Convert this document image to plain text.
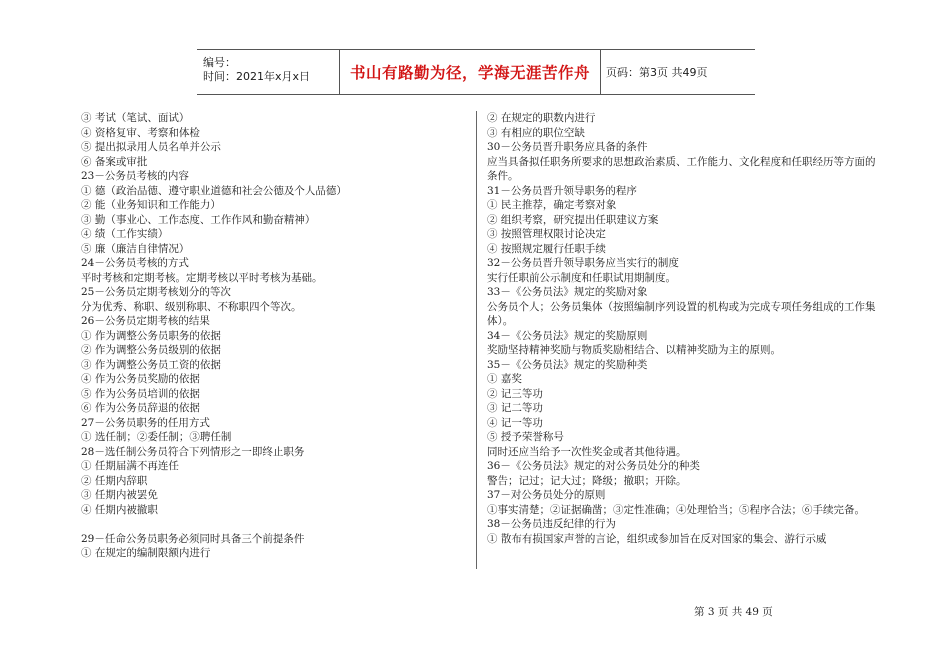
编号：
时间：2021年x月x日	书山有路勤为径，学海无涯苦作舟	页码：第3页 共49页
③ 考试（笔试、面试）
④ 资格复审、考察和体检
⑤ 提出拟录用人员名单并公示
⑥ 备案或审批
23－公务员考核的内容
① 德（政治品德、遵守职业道德和社会公德及个人品德）
② 能（业务知识和工作能力）
③ 勤（事业心、工作态度、工作作风和勤奋精神）
④ 绩（工作实绩）
⑤ 廉（廉洁自律情况）
24－公务员考核的方式
平时考核和定期考核。定期考核以平时考核为基础。
25－公务员定期考核划分的等次
分为优秀、称职、级别称职、不称职四个等次。
26－公务员定期考核的结果
① 作为调整公务员职务的依据
② 作为调整公务员级别的依据
③ 作为调整公务员工资的依据
④ 作为公务员奖励的依据
⑤ 作为公务员培训的依据
⑥ 作为公务员辞退的依据
27－公务员职务的任用方式
① 选任制；②委任制；③聘任制
28－选任制公务员符合下列情形之一即终止职务
① 任期届满不再连任
② 任期内辞职
③ 任期内被罢免
④ 任期内被撤职
29－任命公务员职务必须同时具备三个前提条件
① 在规定的编制限额内进行
② 在规定的职数内进行
③ 有相应的职位空缺
30－公务员晋升职务应具备的条件
应当具备拟任职务所要求的思想政治素质、工作能力、文化程度和任职经历等方面的条件。
31－公务员晋升领导职务的程序
① 民主推荐，确定考察对象
② 组织考察，研究提出任职建议方案
③ 按照管理权限讨论决定
④ 按照规定履行任职手续
32－公务员晋升领导职务应当实行的制度
实行任职前公示制度和任职试用期制度。
33－《公务员法》规定的奖励对象
公务员个人；公务员集体（按照编制序列设置的机构或为完成专项任务组成的工作集体）。
34－《公务员法》规定的奖励原则
奖励坚持精神奖励与物质奖励相结合、以精神奖励为主的原则。
35－《公务员法》规定的奖励种类
① 嘉奖
② 记三等功
③ 记二等功
④ 记一等功
⑤ 授予荣誉称号
同时还应当给予一次性奖金或者其他待遇。
36－《公务员法》规定的对公务员处分的种类
警告；记过；记大过；降级；撤职；开除。
37－对公务员处分的原则
①事实清楚；②证据确凿；③定性准确；④处理恰当；⑤程序合法；⑥手续完备。
38－公务员违反纪律的行为
① 散布有损国家声誉的言论，组织或参加旨在反对国家的集会、游行示威
第 3 页 共 49 页
